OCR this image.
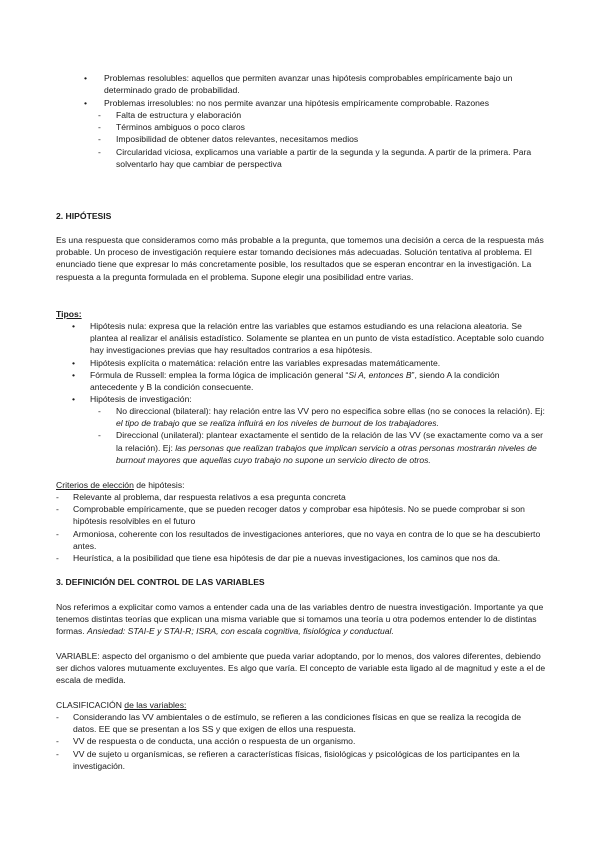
• Problemas resolubles: aquellos que permiten avanzar unas hipótesis comprobables empíricamente bajo un determinado grado de probabilidad.

• Problemas irresolubles: no nos permite avanzar una hipótesis empíricamente comprobable. Razones

- Falta de estructura y elaboración

- Términos ambiguos o poco claros

- Imposibilidad de obtener datos relevantes, necesitamos medios

- Circularidad viciosa, explicamos una variable a partir de la segunda y la segunda. A partir de la primera. Para solventarlo hay que cambiar de perspectiva

2. HIPÓTESIS
Es una respuesta que consideramos como más probable a la pregunta, que tomemos una decisión a cerca de la respuesta más probable. Un proceso de investigación requiere estar tomando decisiones más adecuadas. Solución tentativa al problema. El enunciado tiene que expresar lo más concretamente posible, los resultados que se esperan encontrar en la investigación. La respuesta a la pregunta formulada en el problema. Supone elegir una posibilidad entre varias.
Tipos:
• Hipótesis nula: expresa que la relación entre las variables que estamos estudiando es una relaciona aleatoria. Se plantea al realizar el análisis estadístico. Solamente se plantea en un punto de vista estadístico. Aceptable solo cuando hay investigaciones previas que hay resultados contrarios a esa hipótesis.

• Hipótesis explícita o matemática: relación entre las variables expresadas matemáticamente.

• Fórmula de Russell: emplea la forma lógica de implicación general “Si A, entonces B”, siendo A la condición antecedente y B la condición consecuente.

• Hipótesis de investigación:

- No direccional (bilateral): hay relación entre las VV pero no especifica sobre ellas (no se conoces la relación). Ej: el tipo de trabajo que se realiza influirá en los niveles de burnout de los trabajadores.

- Direccional (unilateral): plantear exactamente el sentido de la relación de las VV (se exactamente como va a ser la relación). Ej: las personas que realizan trabajos que implican servicio a otras personas mostrarán niveles de burnout mayores que aquellas cuyo trabajo no supone un servicio directo de otros.

Criterios de elección de hipótesis:
- Relevante al problema, dar respuesta relativos a esa pregunta concreta

- Comprobable empíricamente, que se pueden recoger datos y comprobar esa hipótesis. No se puede comprobar si son hipótesis resolvibles en el futuro

- Armoniosa, coherente con los resultados de investigaciones anteriores, que no vaya en contra de lo que se ha descubierto antes.

- Heurística, a la posibilidad que tiene esa hipótesis de dar pie a nuevas investigaciones, los caminos que nos da.

3. DEFINICIÓN DEL CONTROL DE LAS VARIABLES
Nos referimos a explicitar como vamos a entender cada una de las variables dentro de nuestra investigación. Importante ya que tenemos distintas teorías que explican una misma variable que si tomamos una teoría u otra podemos entender lo de distintas formas. Ansiedad: STAI-E y STAI-R; ISRA, con escala cognitiva, fisiológica y conductual.
VARIABLE: aspecto del organismo o del ambiente que pueda variar adoptando, por lo menos, dos valores diferentes, debiendo ser dichos valores mutuamente excluyentes. Es algo que varía. El concepto de variable esta ligado al de magnitud y este a el de escala de medida.
CLASIFICACIÓN de las variables:
- Considerando las VV ambientales o de estímulo, se refieren a las condiciones físicas en que se realiza la recogida de datos. EE que se presentan a los SS y que exigen de ellos una respuesta.

- VV de respuesta o de conducta, una acción o respuesta de un organismo.

- VV de sujeto u organísmicas, se refieren a características físicas, fisiológicas y psicológicas de los participantes en la investigación.
